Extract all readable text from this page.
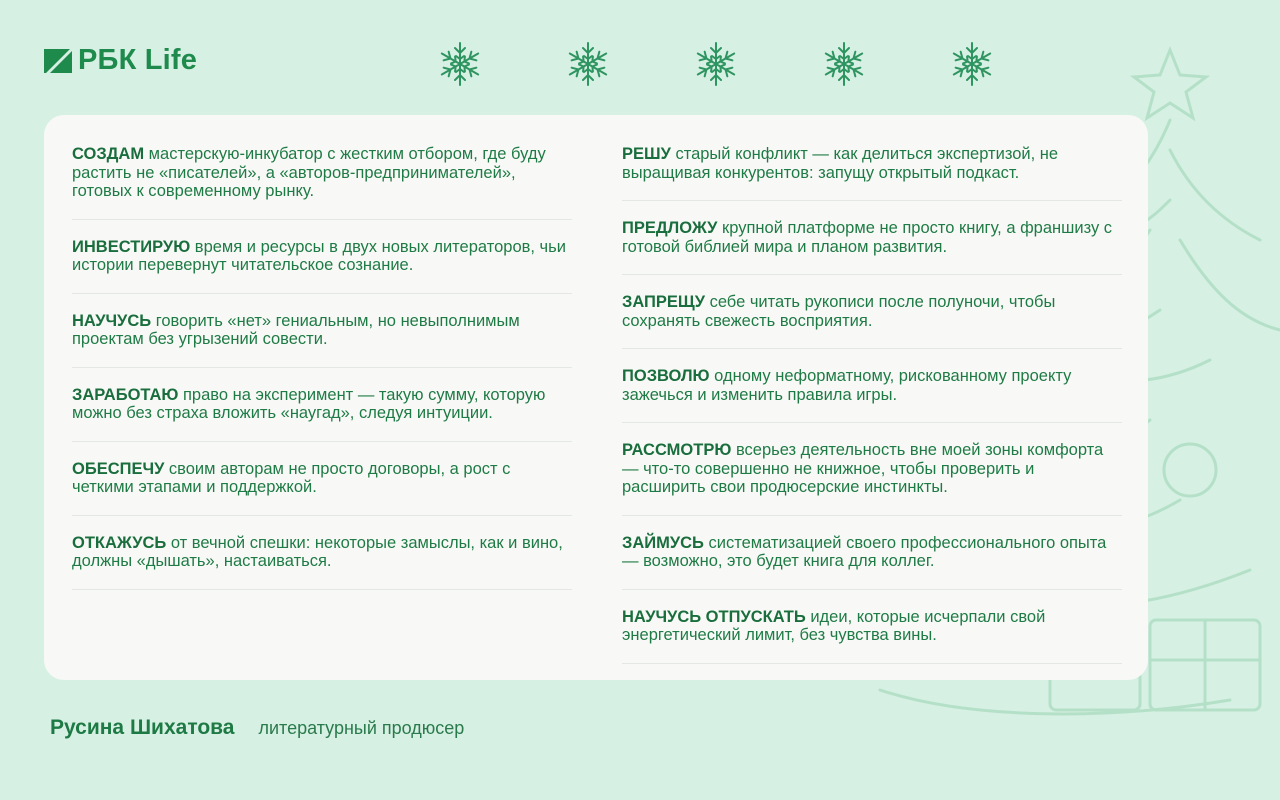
РБК Life
СОЗДАМ мастерскую-инкубатор с жестким отбором, где буду растить не «писателей», а «авторов-предпринимателей», готовых к современному рынку.
ИНВЕСТИРУЮ время и ресурсы в двух новых литераторов, чьи истории перевернут читательское сознание.
НАУЧУСЬ говорить «нет» гениальным, но невыполнимым проектам без угрызений совести.
ЗАРАБОТАЮ право на эксперимент — такую сумму, которую можно без страха вложить «наугад», следуя интуиции.
ОБЕСПЕЧУ своим авторам не просто договоры, а рост с четкими этапами и поддержкой.
ОТКАЖУСЬ от вечной спешки: некоторые замыслы, как и вино, должны «дышать», настаиваться.
РЕШУ старый конфликт — как делиться экспертизой, не выращивая конкурентов: запущу открытый подкаст.
ПРЕДЛОЖУ крупной платформе не просто книгу, а франшизу с готовой библией мира и планом развития.
ЗАПРЕЩУ себе читать рукописи после полуночи, чтобы сохранять свежесть восприятия.
ПОЗВОЛЮ одному неформатному, рискованному проекту зажечься и изменить правила игры.
РАССМОТРЮ всерьез деятельность вне моей зоны комфорта — что-то совершенно не книжное, чтобы проверить и расширить свои продюсерские инстинкты.
ЗАЙМУСЬ систематизацией своего профессионального опыта — возможно, это будет книга для коллег.
НАУЧУСЬ ОТПУСКАТЬ идеи, которые исчерпали свой энергетический лимит, без чувства вины.
Русина Шихатова литературный продюсер
